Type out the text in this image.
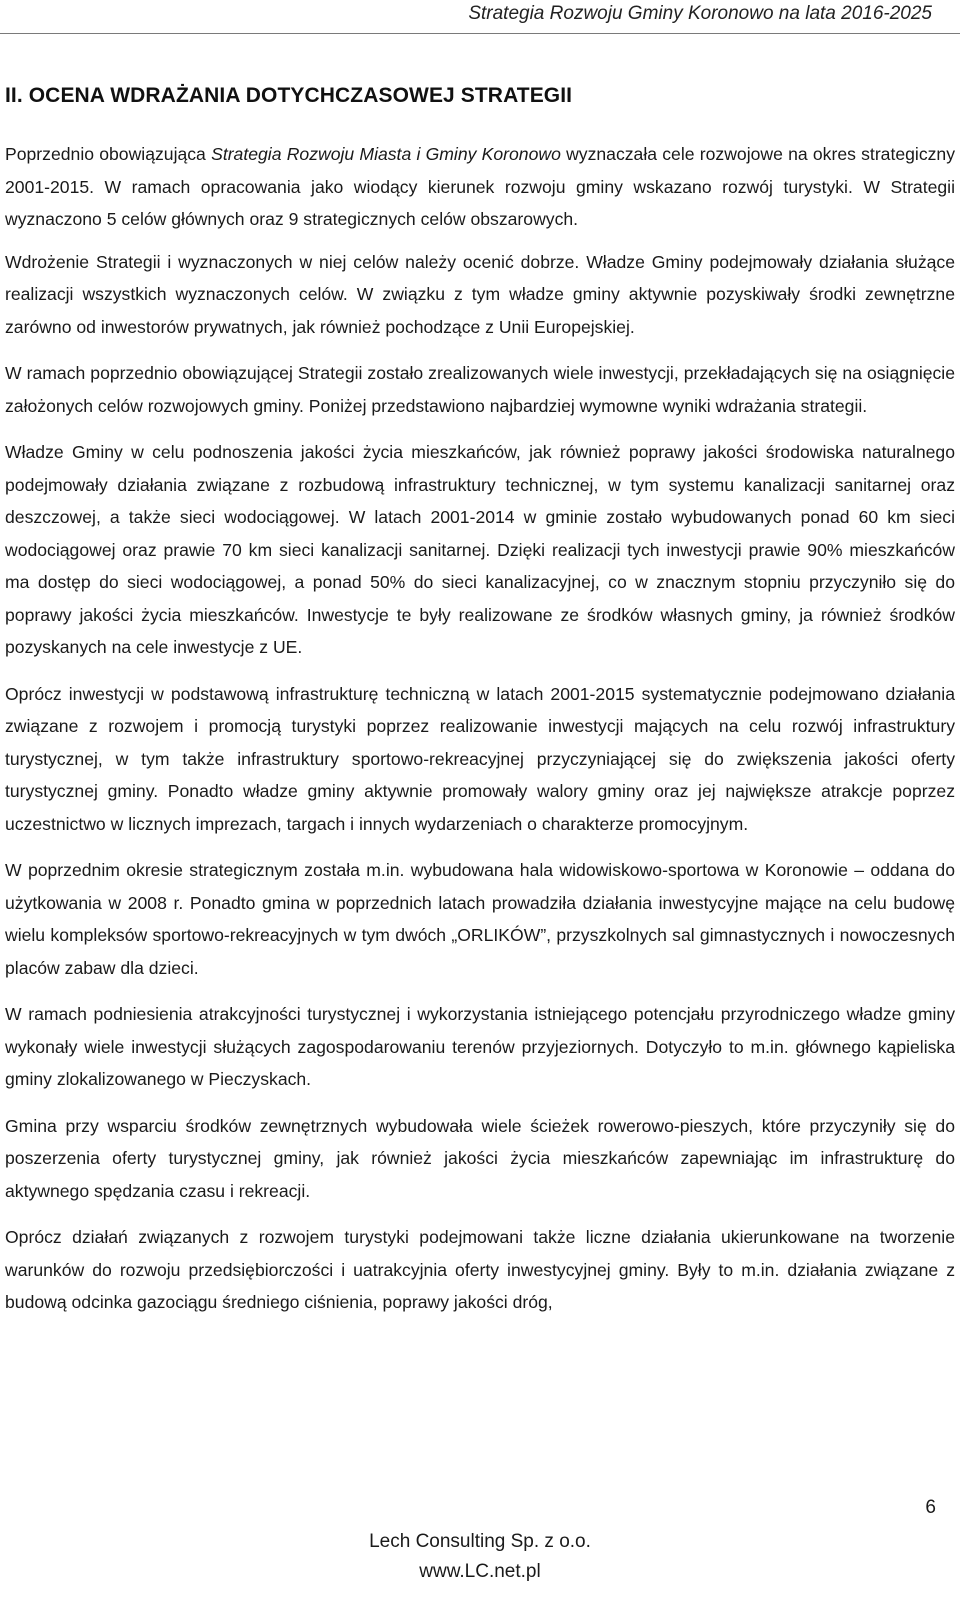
Strategia Rozwoju Gminy Koronowo na lata 2016-2025
II. OCENA WDRAŻANIA DOTYCHCZASOWEJ STRATEGII

Poprzednio obowiązująca Strategia Rozwoju Miasta i Gminy Koronowo wyznaczała cele rozwojowe na okres strategiczny 2001-2015. W ramach opracowania jako wiodący kierunek rozwoju gminy wskazano rozwój turystyki. W Strategii wyznaczono 5 celów głównych oraz 9 strategicznych celów obszarowych.

Wdrożenie Strategii i wyznaczonych w niej celów należy ocenić dobrze. Władze Gminy podejmowały działania służące realizacji wszystkich wyznaczonych celów. W związku z tym władze gminy aktywnie pozyskiwały środki zewnętrzne zarówno od inwestorów prywatnych, jak również pochodzące z Unii Europejskiej.

W ramach poprzednio obowiązującej Strategii zostało zrealizowanych wiele inwestycji, przekładających się na osiągnięcie założonych celów rozwojowych gminy. Poniżej przedstawiono najbardziej wymowne wyniki wdrażania strategii.

Władze Gminy w celu podnoszenia jakości życia mieszkańców, jak również poprawy jakości środowiska naturalnego podejmowały działania związane z rozbudową infrastruktury technicznej, w tym systemu kanalizacji sanitarnej oraz deszczowej, a także sieci wodociągowej. W latach 2001-2014 w gminie zostało wybudowanych ponad 60 km sieci wodociągowej oraz prawie 70 km sieci kanalizacji sanitarnej. Dzięki realizacji tych inwestycji prawie 90% mieszkańców ma dostęp do sieci wodociągowej, a ponad 50% do sieci kanalizacyjnej, co w znacznym stopniu przyczyniło się do poprawy jakości życia mieszkańców. Inwestycje te były realizowane ze środków własnych gminy, ja również środków pozyskanych na cele inwestycje z UE.

Oprócz inwestycji w podstawową infrastrukturę techniczną w latach 2001-2015 systematycznie podejmowano działania związane z rozwojem i promocją turystyki poprzez realizowanie inwestycji mających na celu rozwój infrastruktury turystycznej, w tym także infrastruktury sportowo-rekreacyjnej przyczyniającej się do zwiększenia jakości oferty turystycznej gminy. Ponadto władze gminy aktywnie promowały walory gminy oraz jej największe atrakcje poprzez uczestnictwo w licznych imprezach, targach i innych wydarzeniach o charakterze promocyjnym.

W poprzednim okresie strategicznym została m.in. wybudowana hala widowiskowo-sportowa w Koronowie – oddana do użytkowania w 2008 r. Ponadto gmina w poprzednich latach prowadziła działania inwestycyjne mające na celu budowę wielu kompleksów sportowo-rekreacyjnych w tym dwóch „ORLIKÓW”, przyszkolnych sal gimnastycznych i nowoczesnych placów zabaw dla dzieci.

W ramach podniesienia atrakcyjności turystycznej i wykorzystania istniejącego potencjału przyrodniczego władze gminy wykonały wiele inwestycji służących zagospodarowaniu terenów przyjeziornych. Dotyczyło to m.in. głównego kąpieliska gminy zlokalizowanego w Pieczyskach.

Gmina przy wsparciu środków zewnętrznych wybudowała wiele ścieżek rowerowo-pieszych, które przyczyniły się do poszerzenia oferty turystycznej gminy, jak również jakości życia mieszkańców zapewniając im infrastrukturę do aktywnego spędzania czasu i rekreacji.

Oprócz działań związanych z rozwojem turystyki podejmowani także liczne działania ukierunkowane na tworzenie warunków do rozwoju przedsiębiorczości i uatrakcyjnia oferty inwestycyjnej gminy. Były to m.in. działania związane z budową odcinka gazociągu średniego ciśnienia, poprawy jakości dróg,

6
Lech Consulting Sp. z o.o.
www.LC.net.pl
